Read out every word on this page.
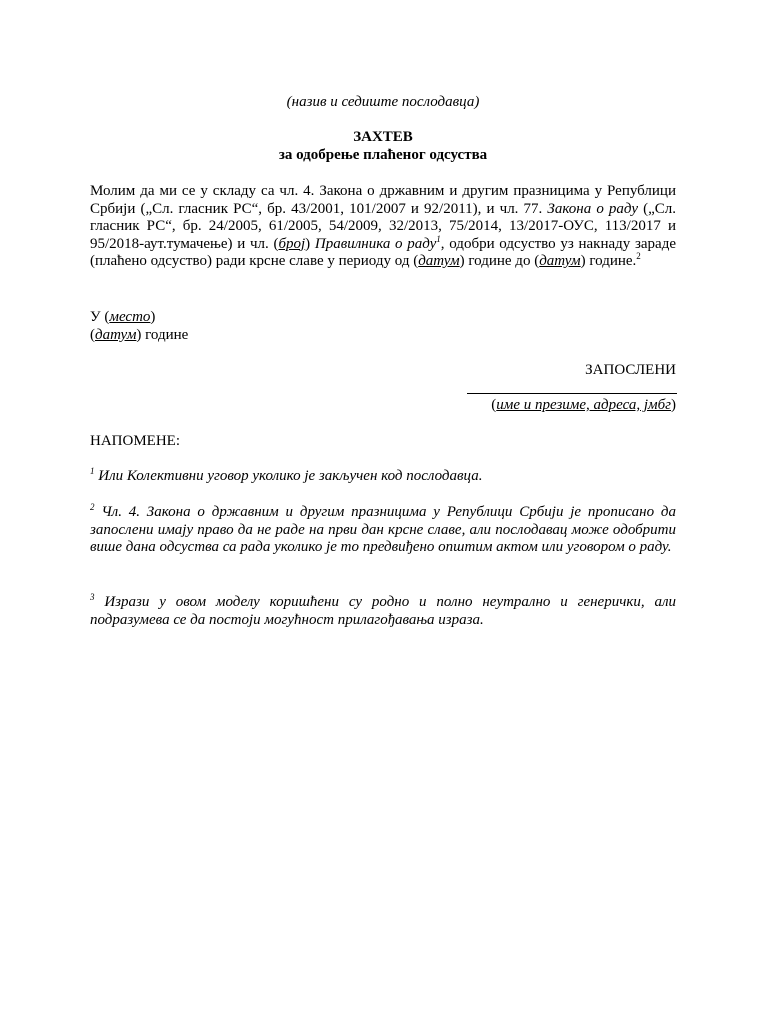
(назив и седиште послодавца)
ЗАХТЕВ
за одобрење плаћеног одсуства
Молим да ми се у складу са чл. 4. Закона о државним и другим празницима у Републици Србији („Сл. гласник РС“, бр. 43/2001, 101/2007 и 92/2011), и чл. 77. Закона о раду („Сл. гласник РС“, бр. 24/2005, 61/2005, 54/2009, 32/2013, 75/2014, 13/2017-ОУС, 113/2017 и 95/2018-аут.тумачење) и чл. (број) Правилника о раду$^1$, одобри одсуство уз накнаду зараде (плаћено одсуство) ради крсне славе у периоду од (датум) године до (датум) године.$^2$
У (место)
(датум) године
ЗАПОСЛЕНИ
(име и презиме, адреса, јмбг)
НАПОМЕНЕ:
$^1$ Или Колективни уговор уколико је закључен код послодавца.
$^2$ Чл. 4. Закона о државним и другим празницима у Републици Србији је прописано да запослени имају право да не раде на први дан крсне славе, али послодавац може одобрити више дана одсуства са рада уколико је то предвиђено општим актом или уговором о раду.
$^3$ Изрази у овом моделу коришћени су родно и полно неутрално и генерички, али подразумева се да постоји могућност прилагођавања израза.
